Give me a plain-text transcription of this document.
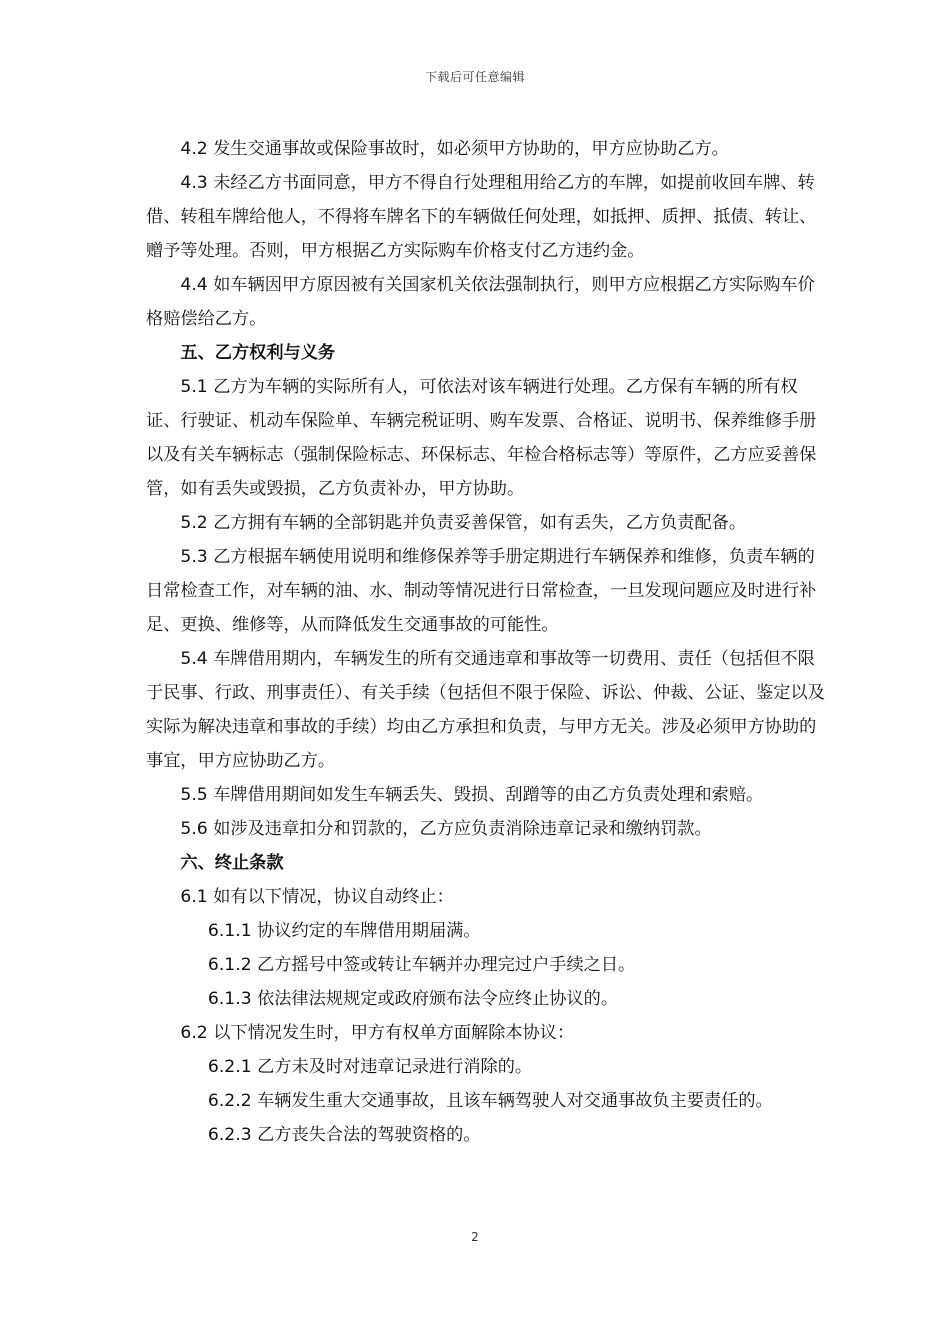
下载后可任意编辑

4.2 发生交通事故或保险事故时，如必须甲方协助的，甲方应协助乙方。

4.3 未经乙方书面同意，甲方不得自行处理租用给乙方的车牌，如提前收回车牌、转借、转租车牌给他人，不得将车牌名下的车辆做任何处理，如抵押、质押、抵债、转让、赠予等处理。否则，甲方根据乙方实际购车价格支付乙方违约金。

4.4 如车辆因甲方原因被有关国家机关依法强制执行，则甲方应根据乙方实际购车价格赔偿给乙方。

五、乙方权利与义务

5.1 乙方为车辆的实际所有人，可依法对该车辆进行处理。乙方保有车辆的所有权证、行驶证、机动车保险单、车辆完税证明、购车发票、合格证、说明书、保养维修手册以及有关车辆标志（强制保险标志、环保标志、年检合格标志等）等原件，乙方应妥善保管，如有丢失或毁损，乙方负责补办，甲方协助。

5.2 乙方拥有车辆的全部钥匙并负责妥善保管，如有丢失，乙方负责配备。

5.3 乙方根据车辆使用说明和维修保养等手册定期进行车辆保养和维修，负责车辆的日常检查工作，对车辆的油、水、制动等情况进行日常检查，一旦发现问题应及时进行补足、更换、维修等，从而降低发生交通事故的可能性。

5.4 车牌借用期内，车辆发生的所有交通违章和事故等一切费用、责任（包括但不限于民事、行政、刑事责任）、有关手续（包括但不限于保险、诉讼、仲裁、公证、鉴定以及实际为解决违章和事故的手续）均由乙方承担和负责，与甲方无关。涉及必须甲方协助的事宜，甲方应协助乙方。

5.5 车牌借用期间如发生车辆丢失、毁损、刮蹭等的由乙方负责处理和索赔。

5.6 如涉及违章扣分和罚款的，乙方应负责消除违章记录和缴纳罚款。

六、终止条款

6.1 如有以下情况，协议自动终止：

6.1.1 协议约定的车牌借用期届满。

6.1.2 乙方摇号中签或转让车辆并办理完过户手续之日。

6.1.3 依法律法规规定或政府颁布法令应终止协议的。

6.2 以下情况发生时，甲方有权单方面解除本协议：

6.2.1 乙方未及时对违章记录进行消除的。

6.2.2 车辆发生重大交通事故，且该车辆驾驶人对交通事故负主要责任的。

6.2.3 乙方丧失合法的驾驶资格的。

2
